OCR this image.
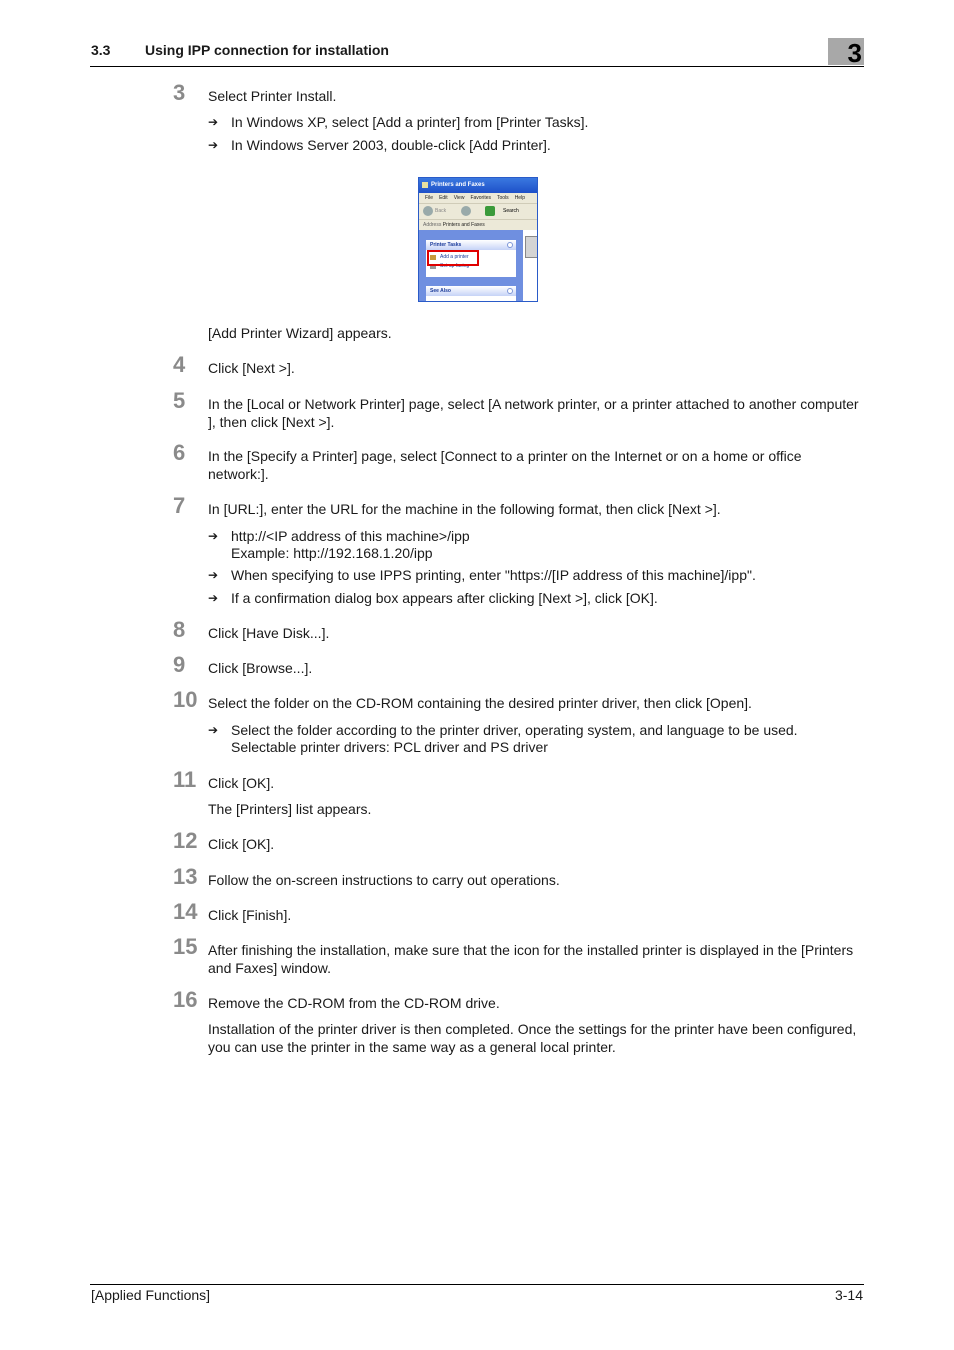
3.3 Using IPP connection for installation	3
3	Select Printer Install.
➔ In Windows XP, select [Add a printer] from [Printer Tasks].
➔ In Windows Server 2003, double-click [Add Printer].
Printers and Faxes
File Edit View Favorites Tools Help
Back	Search
Address Printers and Faxes
Printer Tasks
Add a printer
Set up faxing
See Also
[Add Printer Wizard] appears.
4	Click [Next >].
5	In the [Local or Network Printer] page, select [A network printer, or a printer attached to another computer ], then click [Next >].
6	In the [Specify a Printer] page, select [Connect to a printer on the Internet or on a home or office network:].
7	In [URL:], enter the URL for the machine in the following format, then click [Next >].
➔ http://<IP address of this machine>/ipp
Example: http://192.168.1.20/ipp
➔ When specifying to use IPPS printing, enter "https://[IP address of this machine]/ipp".
➔ If a confirmation dialog box appears after clicking [Next >], click [OK].
8	Click [Have Disk...].
9	Click [Browse...].
10 Select the folder on the CD-ROM containing the desired printer driver, then click [Open].
➔ Select the folder according to the printer driver, operating system, and language to be used.
Selectable printer drivers: PCL driver and PS driver
11 Click [OK].
The [Printers] list appears.
12 Click [OK].
13 Follow the on-screen instructions to carry out operations.
14 Click [Finish].
15 After finishing the installation, make sure that the icon for the installed printer is displayed in the [Printers and Faxes] window.
16 Remove the CD-ROM from the CD-ROM drive.
Installation of the printer driver is then completed. Once the settings for the printer have been configured, you can use the printer in the same way as a general local printer.
[Applied Functions]	3-14
